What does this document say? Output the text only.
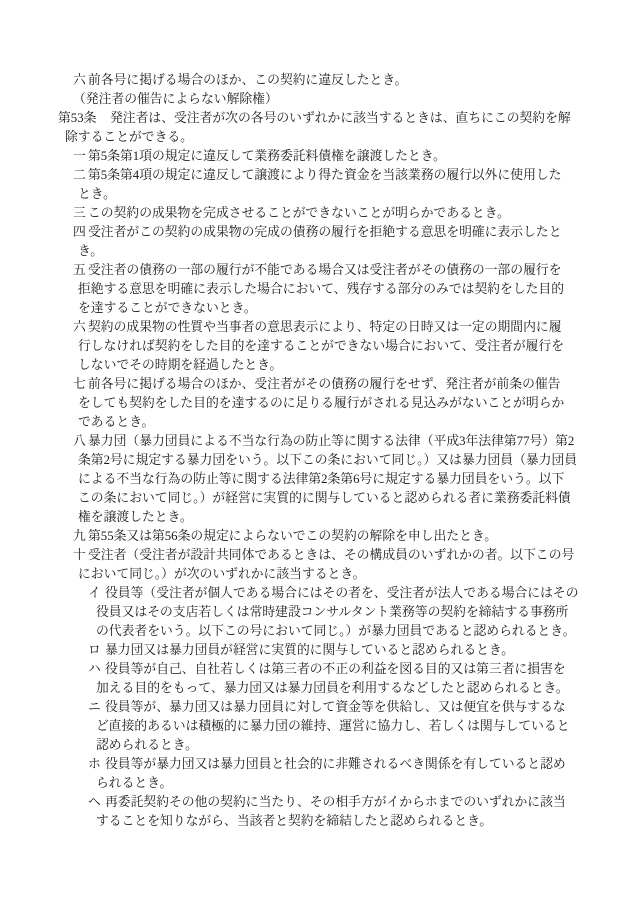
六 前各号に掲げる場合のほか、この契約に違反したとき。
（発注者の催告によらない解除権）
第53条 発注者は、受注者が次の各号のいずれかに該当するときは、直ちにこの契約を解
除することができる。
一 第5条第1項の規定に違反して業務委託料債権を譲渡したとき。
二 第5条第4項の規定に違反して譲渡により得た資金を当該業務の履行以外に使用した
とき。
三 この契約の成果物を完成させることができないことが明らかであるとき。
四 受注者がこの契約の成果物の完成の債務の履行を拒絶する意思を明確に表示したと
き。
五 受注者の債務の一部の履行が不能である場合又は受注者がその債務の一部の履行を
拒絶する意思を明確に表示した場合において、残存する部分のみでは契約をした目的
を達することができないとき。
六 契約の成果物の性質や当事者の意思表示により、特定の日時又は一定の期間内に履
行しなければ契約をした目的を達することができない場合において、受注者が履行を
しないでその時期を経過したとき。
七 前各号に掲げる場合のほか、受注者がその債務の履行をせず、発注者が前条の催告
をしても契約をした目的を達するのに足りる履行がされる見込みがないことが明らか
であるとき。
八 暴力団（暴力団員による不当な行為の防止等に関する法律（平成3年法律第77号）第2
条第2号に規定する暴力団をいう。以下この条において同じ。）又は暴力団員（暴力団員
による不当な行為の防止等に関する法律第2条第6号に規定する暴力団員をいう。以下
この条において同じ。）が経営に実質的に関与していると認められる者に業務委託料債
権を譲渡したとき。
九 第55条又は第56条の規定によらないでこの契約の解除を申し出たとき。
十 受注者（受注者が設計共同体であるときは、その構成員のいずれかの者。以下この号
において同じ。）が次のいずれかに該当するとき。
イ 役員等（受注者が個人である場合にはその者を、受注者が法人である場合にはその
役員又はその支店若しくは常時建設コンサルタント業務等の契約を締結する事務所
の代表者をいう。以下この号において同じ。）が暴力団員であると認められるとき。
ロ 暴力団又は暴力団員が経営に実質的に関与していると認められるとき。
ハ 役員等が自己、自社若しくは第三者の不正の利益を図る目的又は第三者に損害を
加える目的をもって、暴力団又は暴力団員を利用するなどしたと認められるとき。
ニ 役員等が、暴力団又は暴力団員に対して資金等を供給し、又は便宜を供与するな
ど直接的あるいは積極的に暴力団の維持、運営に協力し、若しくは関与していると
認められるとき。
ホ 役員等が暴力団又は暴力団員と社会的に非難されるべき関係を有していると認め
られるとき。
ヘ 再委託契約その他の契約に当たり、その相手方がイからホまでのいずれかに該当
することを知りながら、当該者と契約を締結したと認められるとき。
